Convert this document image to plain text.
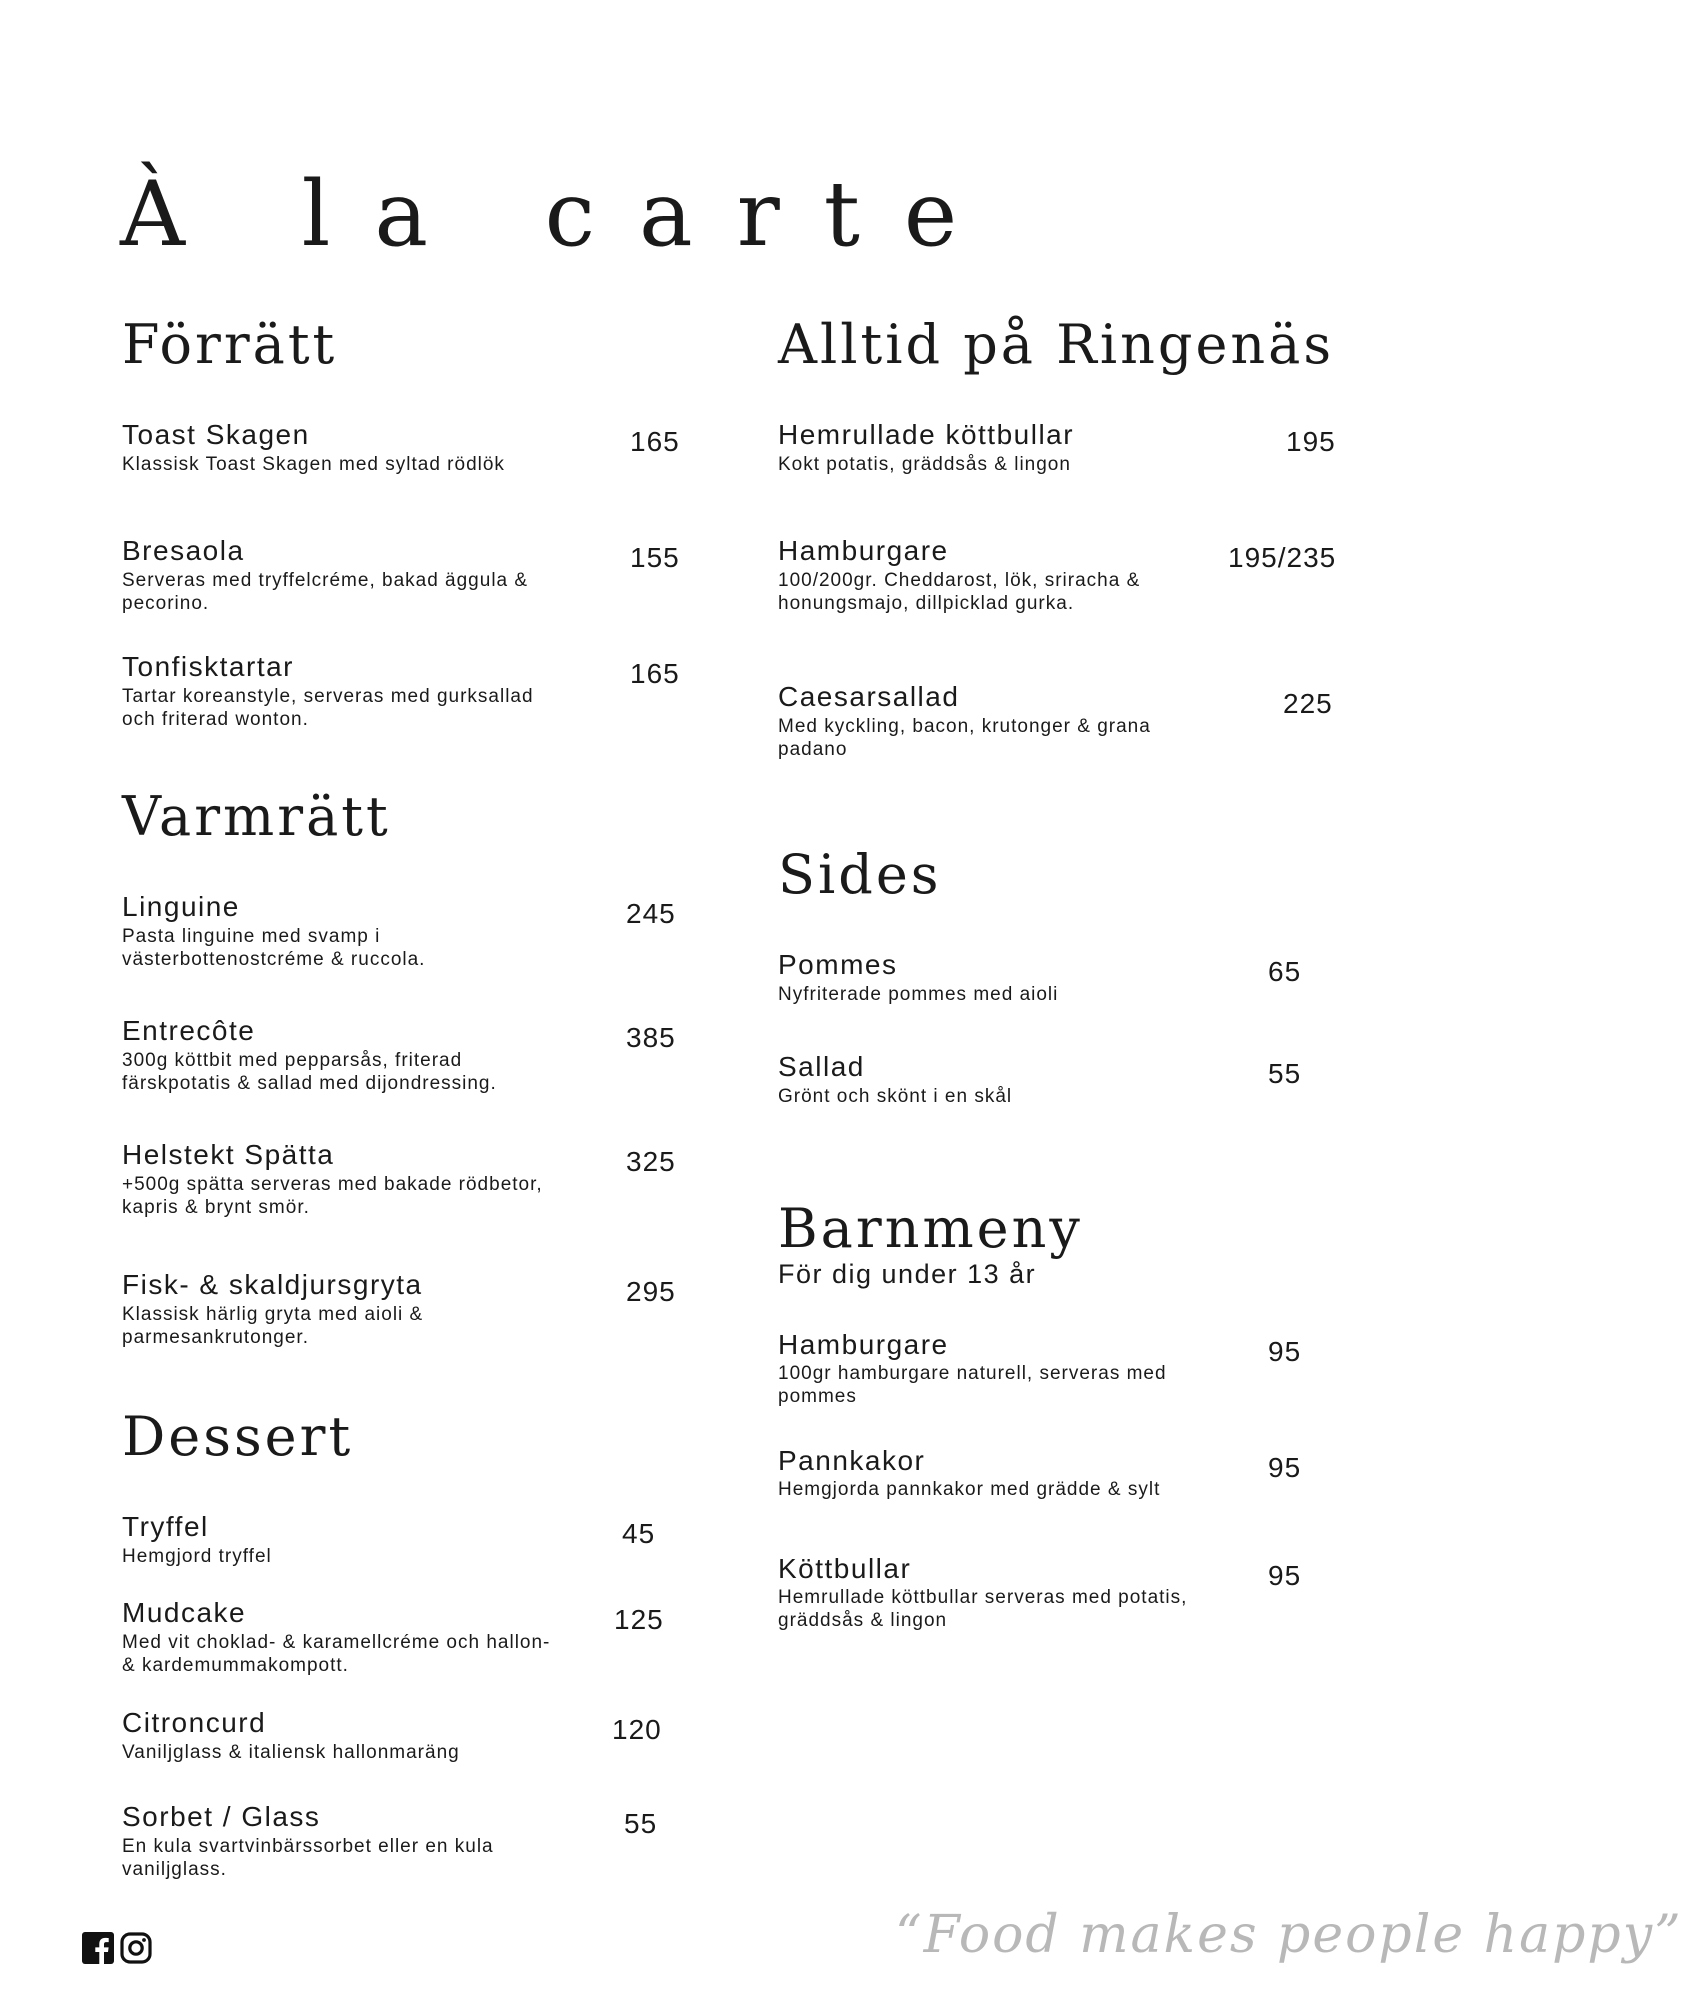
À la carte
Förrätt
Toast Skagen
Klassisk Toast Skagen med syltad rödlök
165
Bresaola
Serveras med tryffelcréme, bakad äggula & pecorino.
155
Tonfisktartar
Tartar koreanstyle, serveras med gurksallad och friterad wonton.
165
Varmrätt
Linguine
Pasta linguine med svamp i västerbottenostcréme & ruccola.
245
Entrecôte
300g köttbit med pepparsås, friterad färskpotatis & sallad med dijondressing.
385
Helstekt Spätta
+500g spätta serveras med bakade rödbetor, kapris & brynt smör.
325
Fisk- & skaldjursgryta
Klassisk härlig gryta med aioli & parmesankrutonger.
295
Dessert
Tryffel
Hemgjord tryffel
45
Mudcake
Med vit choklad- & karamellcréme och hallon- & kardemummakompott.
125
Citroncurd
Vaniljglass & italiensk hallonmaräng
120
Sorbet / Glass
En kula svartvinbärssorbet eller en kula vaniljglass.
55
Alltid på Ringenäs
Hemrullade köttbullar
Kokt potatis, gräddsås & lingon
195
Hamburgare
100/200gr. Cheddarost, lök, sriracha & honungsmajo, dillpicklad gurka.
195/235
Caesarsallad
Med kyckling, bacon, krutonger & grana padano
225
Sides
Pommes
Nyfriterade pommes med aioli
65
Sallad
Grönt och skönt i en skål
55
Barnmeny
För dig under 13 år
Hamburgare
100gr hamburgare naturell, serveras med pommes
95
Pannkakor
Hemgjorda pannkakor med grädde & sylt
95
Köttbullar
Hemrullade köttbullar serveras med potatis, gräddsås & lingon
95
“Food makes people happy”
